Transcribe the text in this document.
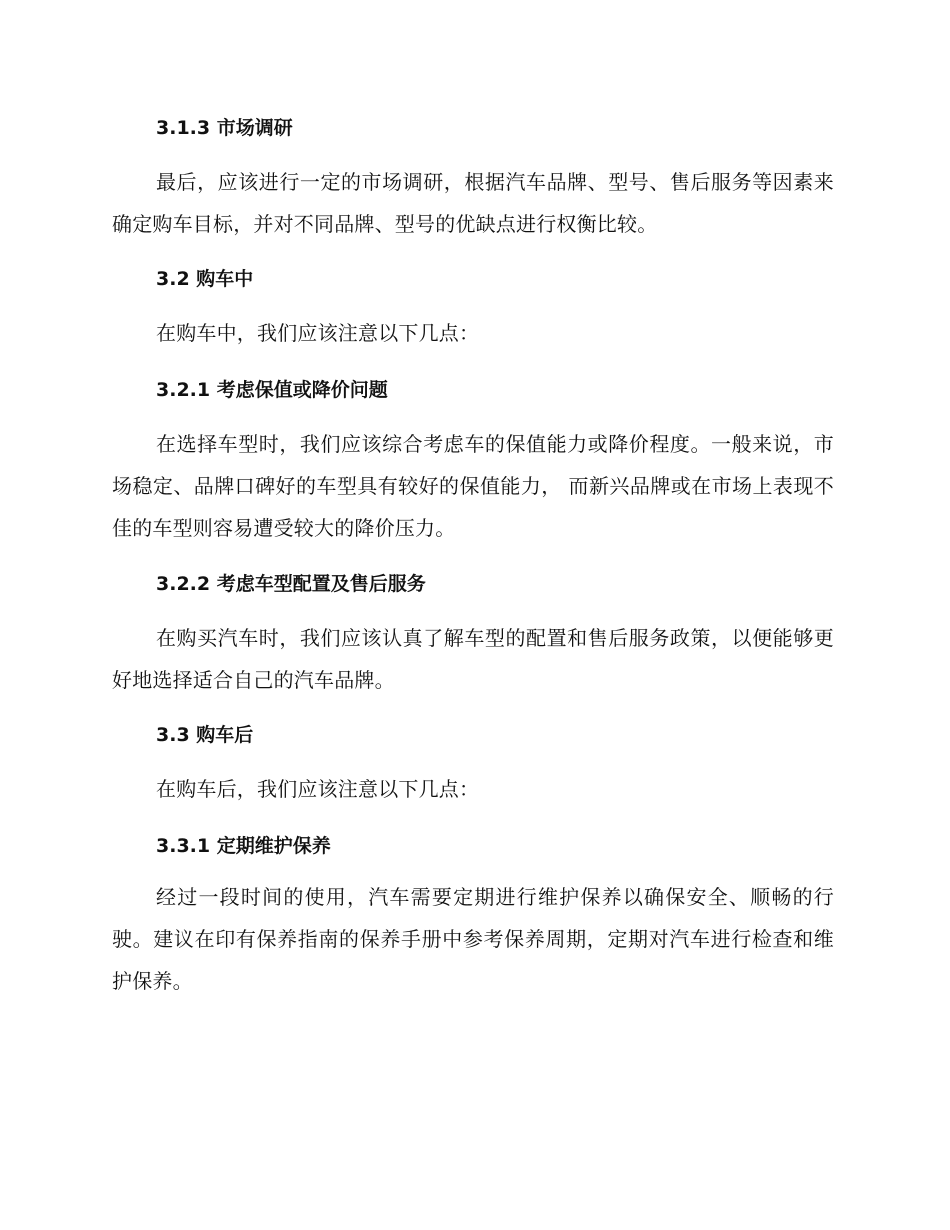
3.1.3 市场调研

最后，应该进行一定的市场调研，根据汽车品牌、型号、售后服务等因素来确定购车目标，并对不同品牌、型号的优缺点进行权衡比较。

3.2 购车中

在购车中，我们应该注意以下几点：

3.2.1 考虑保值或降价问题

在选择车型时，我们应该综合考虑车的保值能力或降价程度。一般来说，市场稳定、品牌口碑好的车型具有较好的保值能力， 而新兴品牌或在市场上表现不佳的车型则容易遭受较大的降价压力。

3.2.2 考虑车型配置及售后服务

在购买汽车时，我们应该认真了解车型的配置和售后服务政策，以便能够更好地选择适合自己的汽车品牌。

3.3 购车后

在购车后，我们应该注意以下几点：

3.3.1 定期维护保养

经过一段时间的使用，汽车需要定期进行维护保养以确保安全、顺畅的行驶。建议在印有保养指南的保养手册中参考保养周期，定期对汽车进行检查和维护保养。
